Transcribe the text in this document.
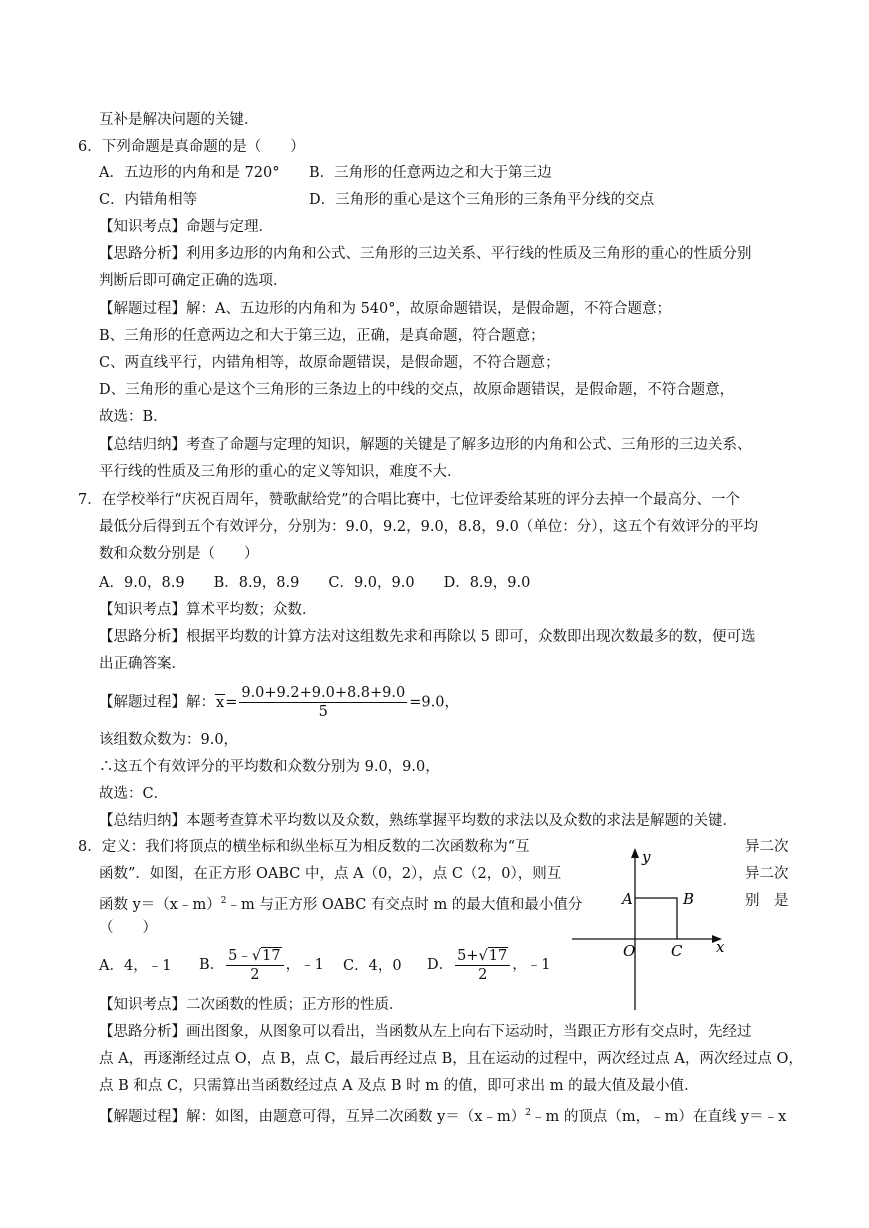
互补是解决问题的关键．
6．下列命题是真命题的是（　　）
A．五边形的内角和是 720° B．三角形的任意两边之和大于第三边
C．内错角相等	D．三角形的重心是这个三角形的三条角平分线的交点
【知识考点】命题与定理．
【思路分析】利用多边形的内角和公式、三角形的三边关系、平行线的性质及三角形的重心的性质分别
判断后即可确定正确的选项．
【解题过程】解：A、五边形的内角和为 540°，故原命题错误，是假命题，不符合题意；
B、三角形的任意两边之和大于第三边，正确，是真命题，符合题意；
C、两直线平行，内错角相等，故原命题错误，是假命题，不符合题意；
D、三角形的重心是这个三角形的三条边上的中线的交点，故原命题错误，是假命题，不符合题意，
故选：B．
【总结归纳】考查了命题与定理的知识，解题的关键是了解多边形的内角和公式、三角形的三边关系、
平行线的性质及三角形的重心的定义等知识，难度不大．
7．在学校举行“庆祝百周年，赞歌献给党”的合唱比赛中，七位评委给某班的评分去掉一个最高分、一个
最低分后得到五个有效评分，分别为：9.0，9.2，9.0，8.8，9.0（单位：分），这五个有效评分的平均
数和众数分别是（　　）
A．9.0，8.9　　B．8.9，8.9　　C．9.0，9.0　　D．8.9，9.0
【知识考点】算术平均数；众数．
【思路分析】根据平均数的计算方法对这组数先求和再除以 5 即可，众数即出现次数最多的数，便可选
出正确答案．
【解题过程】解：$x= \frac{9.0+9.2+9.0+8.8+9.0}{5} =9.0$，
该组数众数为：9.0，
∴这五个有效评分的平均数和众数分别为 9.0，9.0，
故选：C．
【总结归纳】本题考查算术平均数以及众数，熟练掌握平均数的求法以及众数的求法是解题的关键．
8．定义：我们将顶点的横坐标和纵坐标互为相反数的二次函数称为“互	异二次
函数”．如图，在正方形 OABC 中，点 A（0，2），点 C（2，0），则互	异二次
函数 y＝（x﹣m）$^2$﹣m 与正方形 OABC 有交点时 m 的最大值和最小值分	别　是
（　　）
A．4，﹣1 B． $\frac{5﹣√17}{2}$ ，﹣1 C．4，0 D． $\frac{5+√17}{2}$ ，﹣1
y
x
A	B
O C
【知识考点】二次函数的性质；正方形的性质．
【思路分析】画出图象，从图象可以看出，当函数从左上向右下运动时，当跟正方形有交点时，先经过
点 A，再逐渐经过点 O，点 B，点 C，最后再经过点 B，且在运动的过程中，两次经过点 A，两次经过点 O，
点 B 和点 C，只需算出当函数经过点 A 及点 B 时 m 的值，即可求出 m 的最大值及最小值．
【解题过程】解：如图，由题意可得，互异二次函数 y＝（x﹣m）$^2$﹣m 的顶点（m，﹣m）在直线 y＝﹣x
